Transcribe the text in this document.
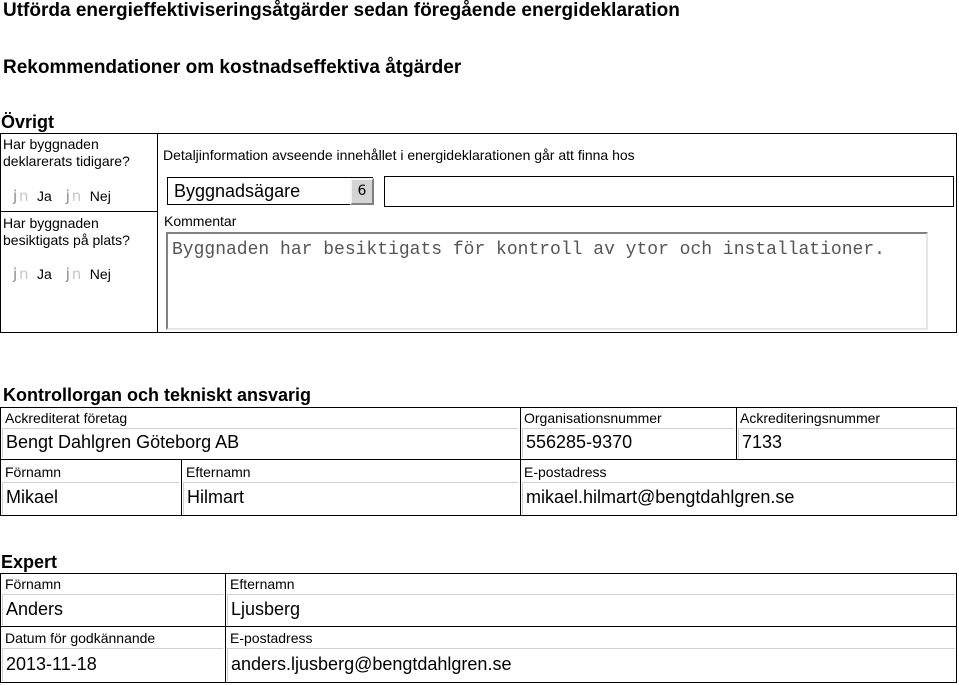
Utförda energieffektiviseringsåtgärder sedan föregående energideklaration
Rekommendationer om kostnadseffektiva åtgärder
Övrigt
Har byggnaden
deklarerats tidigare?
j n Ja j n Nej
Har byggnaden
besiktigats på plats?
j n Ja j n Nej
Detaljinformation avseende innehållet i energideklarationen går att finna hos
Byggnadsägare	6
Kommentar
Byggnaden har besiktigats för kontroll av ytor och installationer.
Kontrollorgan och tekniskt ansvarig
Ackrediterat företag
Bengt Dahlgren Göteborg AB
Organisationsnummer
556285-9370
Ackrediteringsnummer
7133
Förnamn
Mikael
Efternamn
Hilmart
E-postadress
mikael.hilmart@bengtdahlgren.se
Expert
Förnamn
Anders
Efternamn
Ljusberg
Datum för godkännande
2013-11-18
E-postadress
anders.ljusberg@bengtdahlgren.se
